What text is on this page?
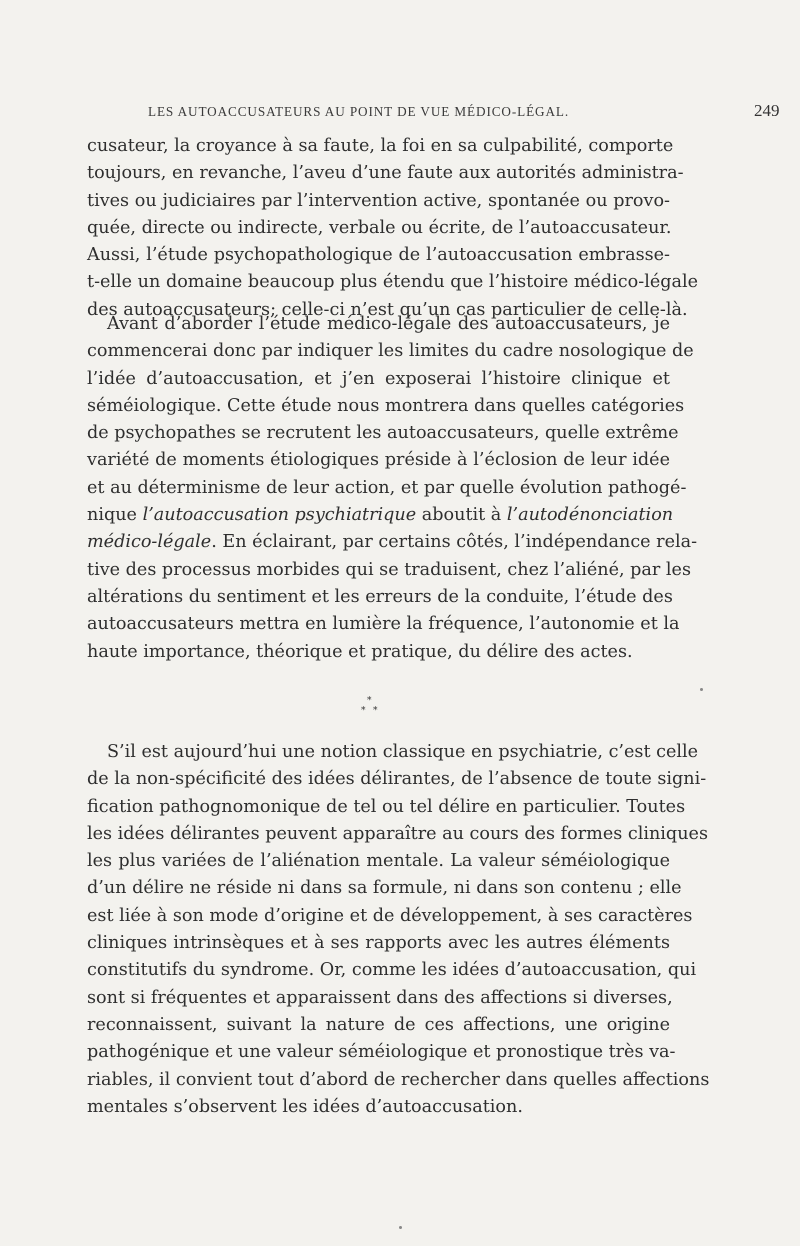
LES AUTOACCUSATEURS AU POINT DE VUE MÉDICO-LÉGAL.	249
cusateur, la croyance à sa faute, la foi en sa culpabilité, comporte
toujours, en revanche, l’aveu d’une faute aux autorités administra-
tives ou judiciaires par l’intervention active, spontanée ou provo-
quée, directe ou indirecte, verbale ou écrite, de l’autoaccusateur.
Aussi, l’étude psychopathologique de l’autoaccusation embrasse-
t-elle un domaine beaucoup plus étendu que l’histoire médico-légale
des autoaccusateurs; celle-ci n’est qu’un cas particulier de celle-là.
Avant d’aborder l’étude médico-légale des autoaccusateurs, je
commencerai donc par indiquer les limites du cadre nosologique de
l’idée d’autoaccusation, et j’en exposerai l’histoire clinique et
séméiologique. Cette étude nous montrera dans quelles catégories
de psychopathes se recrutent les autoaccusateurs, quelle extrême
variété de moments étiologiques préside à l’éclosion de leur idée
et au déterminisme de leur action, et par quelle évolution pathogé-
nique l’autoaccusation psychiatrique aboutit à l’autodénonciation
médico-légale. En éclairant, par certains côtés, l’indépendance rela-
tive des processus morbides qui se traduisent, chez l’aliéné, par les
altérations du sentiment et les erreurs de la conduite, l’étude des
autoaccusateurs mettra en lumière la fréquence, l’autonomie et la
haute importance, théorique et pratique, du délire des actes.
*
* *
S’il est aujourd’hui une notion classique en psychiatrie, c’est celle
de la non-spécificité des idées délirantes, de l’absence de toute signi-
fication pathognomonique de tel ou tel délire en particulier. Toutes
les idées délirantes peuvent apparaître au cours des formes cliniques
les plus variées de l’aliénation mentale. La valeur séméiologique
d’un délire ne réside ni dans sa formule, ni dans son contenu ; elle
est liée à son mode d’origine et de développement, à ses caractères
cliniques intrinsèques et à ses rapports avec les autres éléments
constitutifs du syndrome. Or, comme les idées d’autoaccusation, qui
sont si fréquentes et apparaissent dans des affections si diverses,
reconnaissent, suivant la nature de ces affections, une origine
pathogénique et une valeur séméiologique et pronostique très va-
riables, il convient tout d’abord de rechercher dans quelles affections
mentales s’observent les idées d’autoaccusation.
